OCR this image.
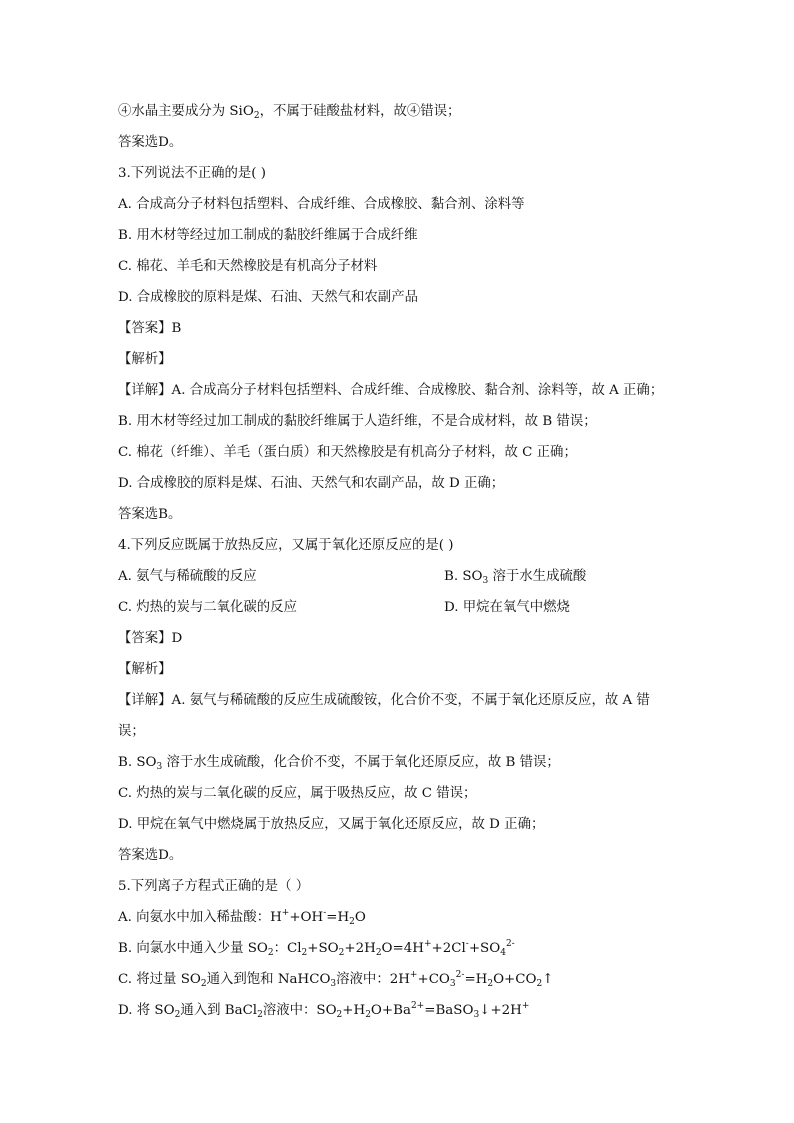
④水晶主要成分为 SiO$_2$，不属于硅酸盐材料，故④错误；
答案选D。
3.下列说法不正确的是( )
A. 合成高分子材料包括塑料、合成纤维、合成橡胶、黏合剂、涂料等
B. 用木材等经过加工制成的黏胶纤维属于合成纤维
C. 棉花、羊毛和天然橡胶是有机高分子材料
D. 合成橡胶的原料是煤、石油、天然气和农副产品
【答案】B
【解析】
【详解】A. 合成高分子材料包括塑料、合成纤维、合成橡胶、黏合剂、涂料等，故 A 正确；
B. 用木材等经过加工制成的黏胶纤维属于人造纤维，不是合成材料，故 B 错误；
C. 棉花（纤维）、羊毛（蛋白质）和天然橡胶是有机高分子材料，故 C 正确；
D. 合成橡胶的原料是煤、石油、天然气和农副产品，故 D 正确；
答案选B。
4.下列反应既属于放热反应，又属于氧化还原反应的是( )
A. 氨气与稀硫酸的反应	B. $SO_3$ 溶于水生成硫酸
C. 灼热的炭与二氧化碳的反应	D. 甲烷在氧气中燃烧
【答案】D
【解析】
【详解】A. 氨气与稀硫酸的反应生成硫酸铵，化合价不变，不属于氧化还原反应，故 A 错
误；
B. $SO_3$ 溶于水生成硫酸，化合价不变，不属于氧化还原反应，故 B 错误；
C. 灼热的炭与二氧化碳的反应，属于吸热反应，故 C 错误；
D. 甲烷在氧气中燃烧属于放热反应，又属于氧化还原反应，故 D 正确；
答案选D。
5.下列离子方程式正确的是（ ）
A. 向氨水中加入稀盐酸：$H^++OH^-=H_2O$
B. 向氯水中通入少量 $SO_2$：$Cl_2+SO_2+2H_2O=4H^++2Cl^-+SO_4^{2-}$
C. 将过量 $SO_2$通入到饱和 NaHCO$_3$溶液中：$2H^++CO_3^{2-}=H_2O+CO_2↑$
D. 将 $SO_2$通入到 BaCl$_2$溶液中：$SO_2+H_2O+Ba^{2+}=BaSO_3↓+2H^+$
